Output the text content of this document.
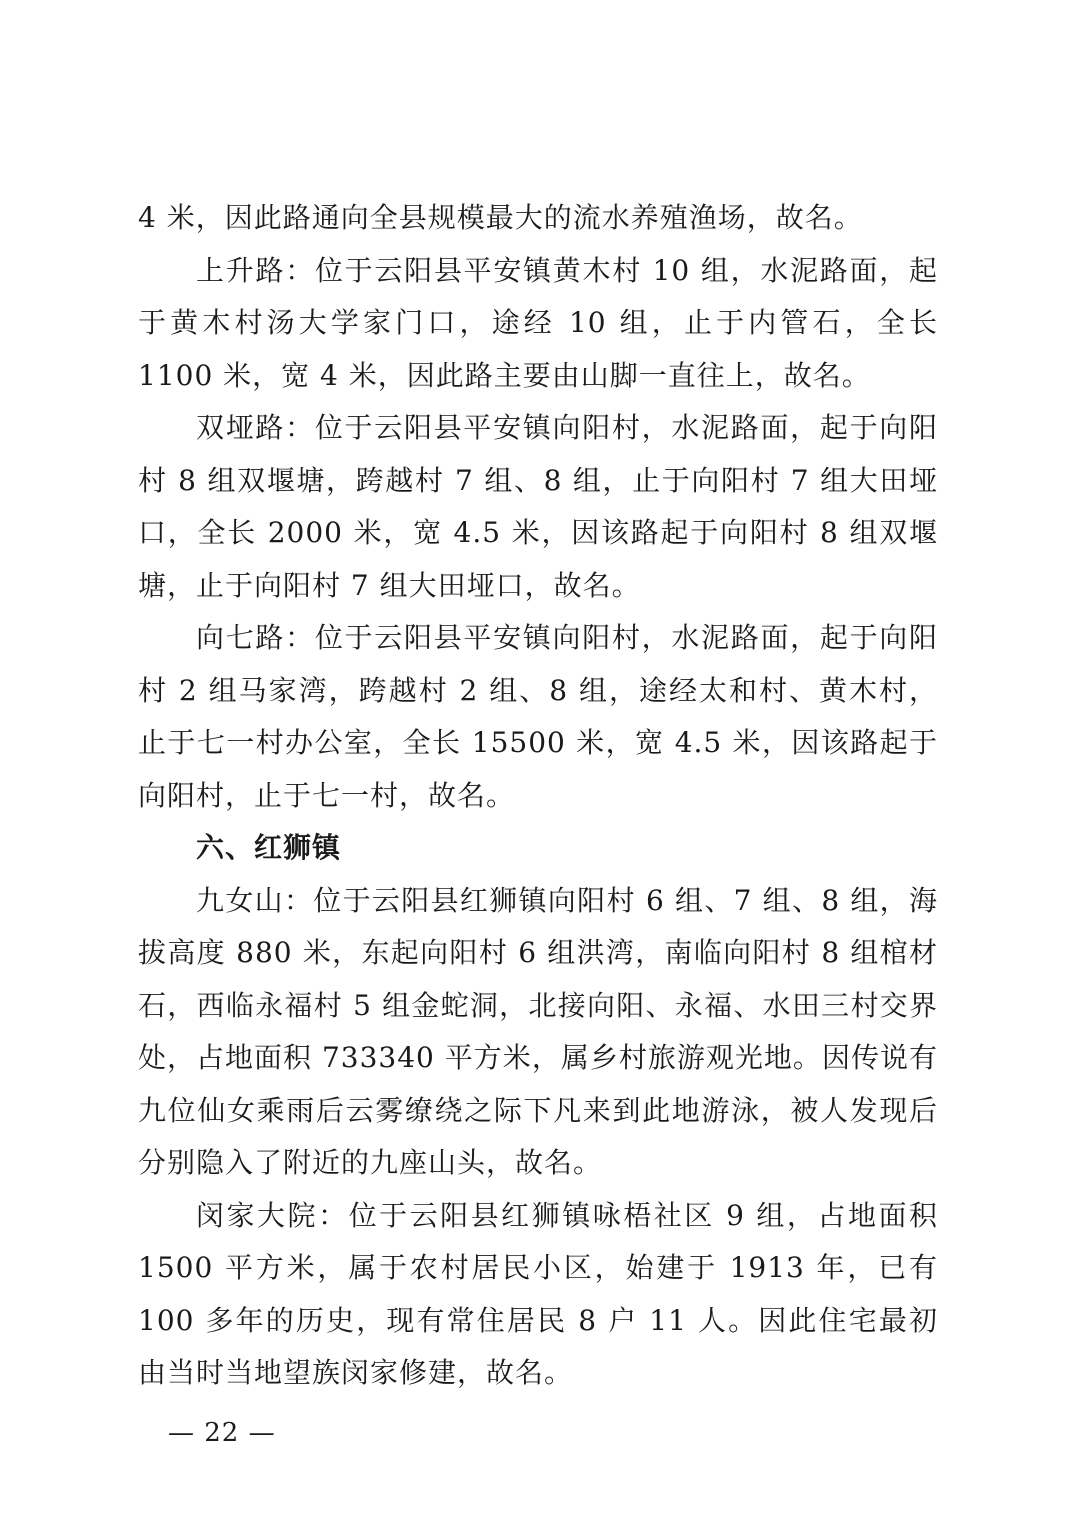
4 米，因此路通向全县规模最大的流水养殖渔场，故名。

上升路：位于云阳县平安镇黄木村 10 组，水泥路面，起于黄木村汤大学家门口，途经 10 组，止于内管石，全长 1100 米，宽 4 米，因此路主要由山脚一直往上，故名。

双垭路：位于云阳县平安镇向阳村，水泥路面，起于向阳村 8 组双堰塘，跨越村 7 组、8 组，止于向阳村 7 组大田垭口，全长 2000 米，宽 4.5 米，因该路起于向阳村 8 组双堰塘，止于向阳村 7 组大田垭口，故名。

向七路：位于云阳县平安镇向阳村，水泥路面，起于向阳村 2 组马家湾，跨越村 2 组、8 组，途经太和村、黄木村，止于七一村办公室，全长 15500 米，宽 4.5 米，因该路起于向阳村，止于七一村，故名。

六、红狮镇

九女山：位于云阳县红狮镇向阳村 6 组、7 组、8 组，海拔高度 880 米，东起向阳村 6 组洪湾，南临向阳村 8 组棺材石，西临永福村 5 组金蛇洞，北接向阳、永福、水田三村交界处，占地面积 733340 平方米，属乡村旅游观光地。因传说有九位仙女乘雨后云雾缭绕之际下凡来到此地游泳，被人发现后分别隐入了附近的九座山头，故名。

闵家大院：位于云阳县红狮镇咏梧社区 9 组，占地面积 1500 平方米，属于农村居民小区，始建于 1913 年，已有 100 多年的历史，现有常住居民 8 户 11 人。因此住宅最初由当时当地望族闵家修建，故名。

— 22 —
